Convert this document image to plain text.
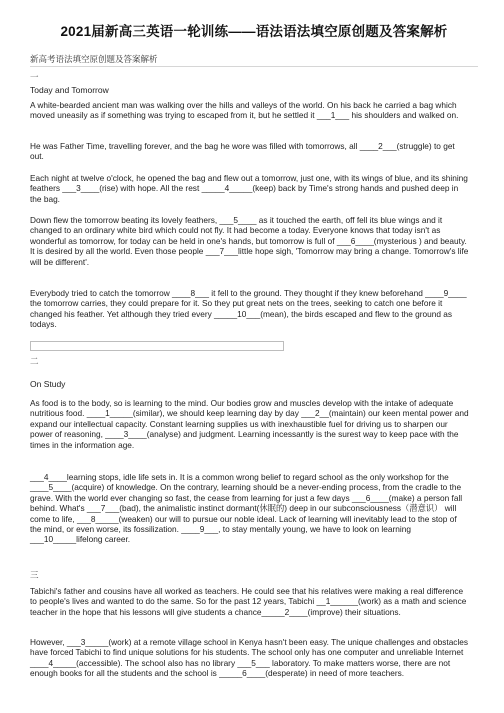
2021届新高三英语一轮训练——语法语法填空原创题及答案解析
新高考语法填空原创题及答案解析
一
Today and Tomorrow

A white-bearded ancient man was walking over the hills and valleys of the world. On his back he carried a bag which moved uneasily as if something was trying to escaped from it, but he settled it ___1___ his shoulders and walked on.

He was Father Time, travelling forever, and the bag he wore was filled with tomorrows, all ____2___(struggle) to get out.

Each night at twelve o'clock, he opened the bag and flew out a tomorrow, just one, with its wings of blue, and its shining feathers ___3____(rise) with hope. All the rest _____4_____(keep) back by Time's strong hands and pushed deep in the bag.

Down flew the tomorrow beating its lovely feathers, ___5____ as it touched the earth, off fell its blue wings and it changed to an ordinary white bird which could not fly. It had become a today. Everyone knows that today isn't as wonderful as tomorrow, for today can be held in one's hands, but tomorrow is full of ___6____(mysterious ) and beauty. It is desired by all the world. Even those people ___7___little hope sigh, 'Tomorrow may bring a change. Tomorrow's life will be different'.

Everybody tried to catch the tomorrow ____8___ it fell to the ground. They thought if they knew beforehand ____9____ the tomorrow carries, they could prepare for it. So they put great nets on the trees, seeking to catch one before it changed his feather. Yet although they tried every _____10___(mean), the birds escaped and flew to the ground as todays.

二
On Study

As food is to the body, so is learning to the mind. Our bodies grow and muscles develop with the intake of adequate nutritious food. ____1_____(similar), we should keep learning day by day ___2__(maintain) our keen mental power and expand our intellectual capacity. Constant learning supplies us with inexhaustible fuel for driving us to sharpen our power of reasoning, ____3____(analyse) and judgment. Learning incessantly is the surest way to keep pace with the times in the information age.

___4____learning stops, idle life sets in. It is a common wrong belief to regard school as the only workshop for the ____5____(acquire) of knowledge. On the contrary, learning should be a never-ending process, from the cradle to the grave. With the world ever changing so fast, the cease from learning for just a few days ___6____(make) a person fall behind. What's ___7___(bad), the animalistic instinct dormant(休眠的) deep in our subconsciousness（潜意识） will come to life, ___8_____(weaken) our will to pursue our noble ideal. Lack of learning will inevitably lead to the stop of the mind, or even worse, its fossilization. ____9___, to stay mentally young, we have to look on learning ___10_____lifelong career.

三

Tabichi's father and cousins have all worked as teachers. He could see that his relatives were making a real difference to people's lives and wanted to do the same. So for the past 12 years, Tabichi __1______(work) as a math and science teacher in the hope that his lessons will give students a chance_____2____(improve) their situations.

However, ___3_____(work) at a remote village school in Kenya hasn't been easy. The unique challenges and obstacles have forced Tabichi to find unique solutions for his students. The school only has one computer and unreliable Internet ____4_____(accessible). The school also has no library ___5___ laboratory. To make matters worse, there are not enough books for all the students and the school is _____6____(desperate) in need of more teachers.
